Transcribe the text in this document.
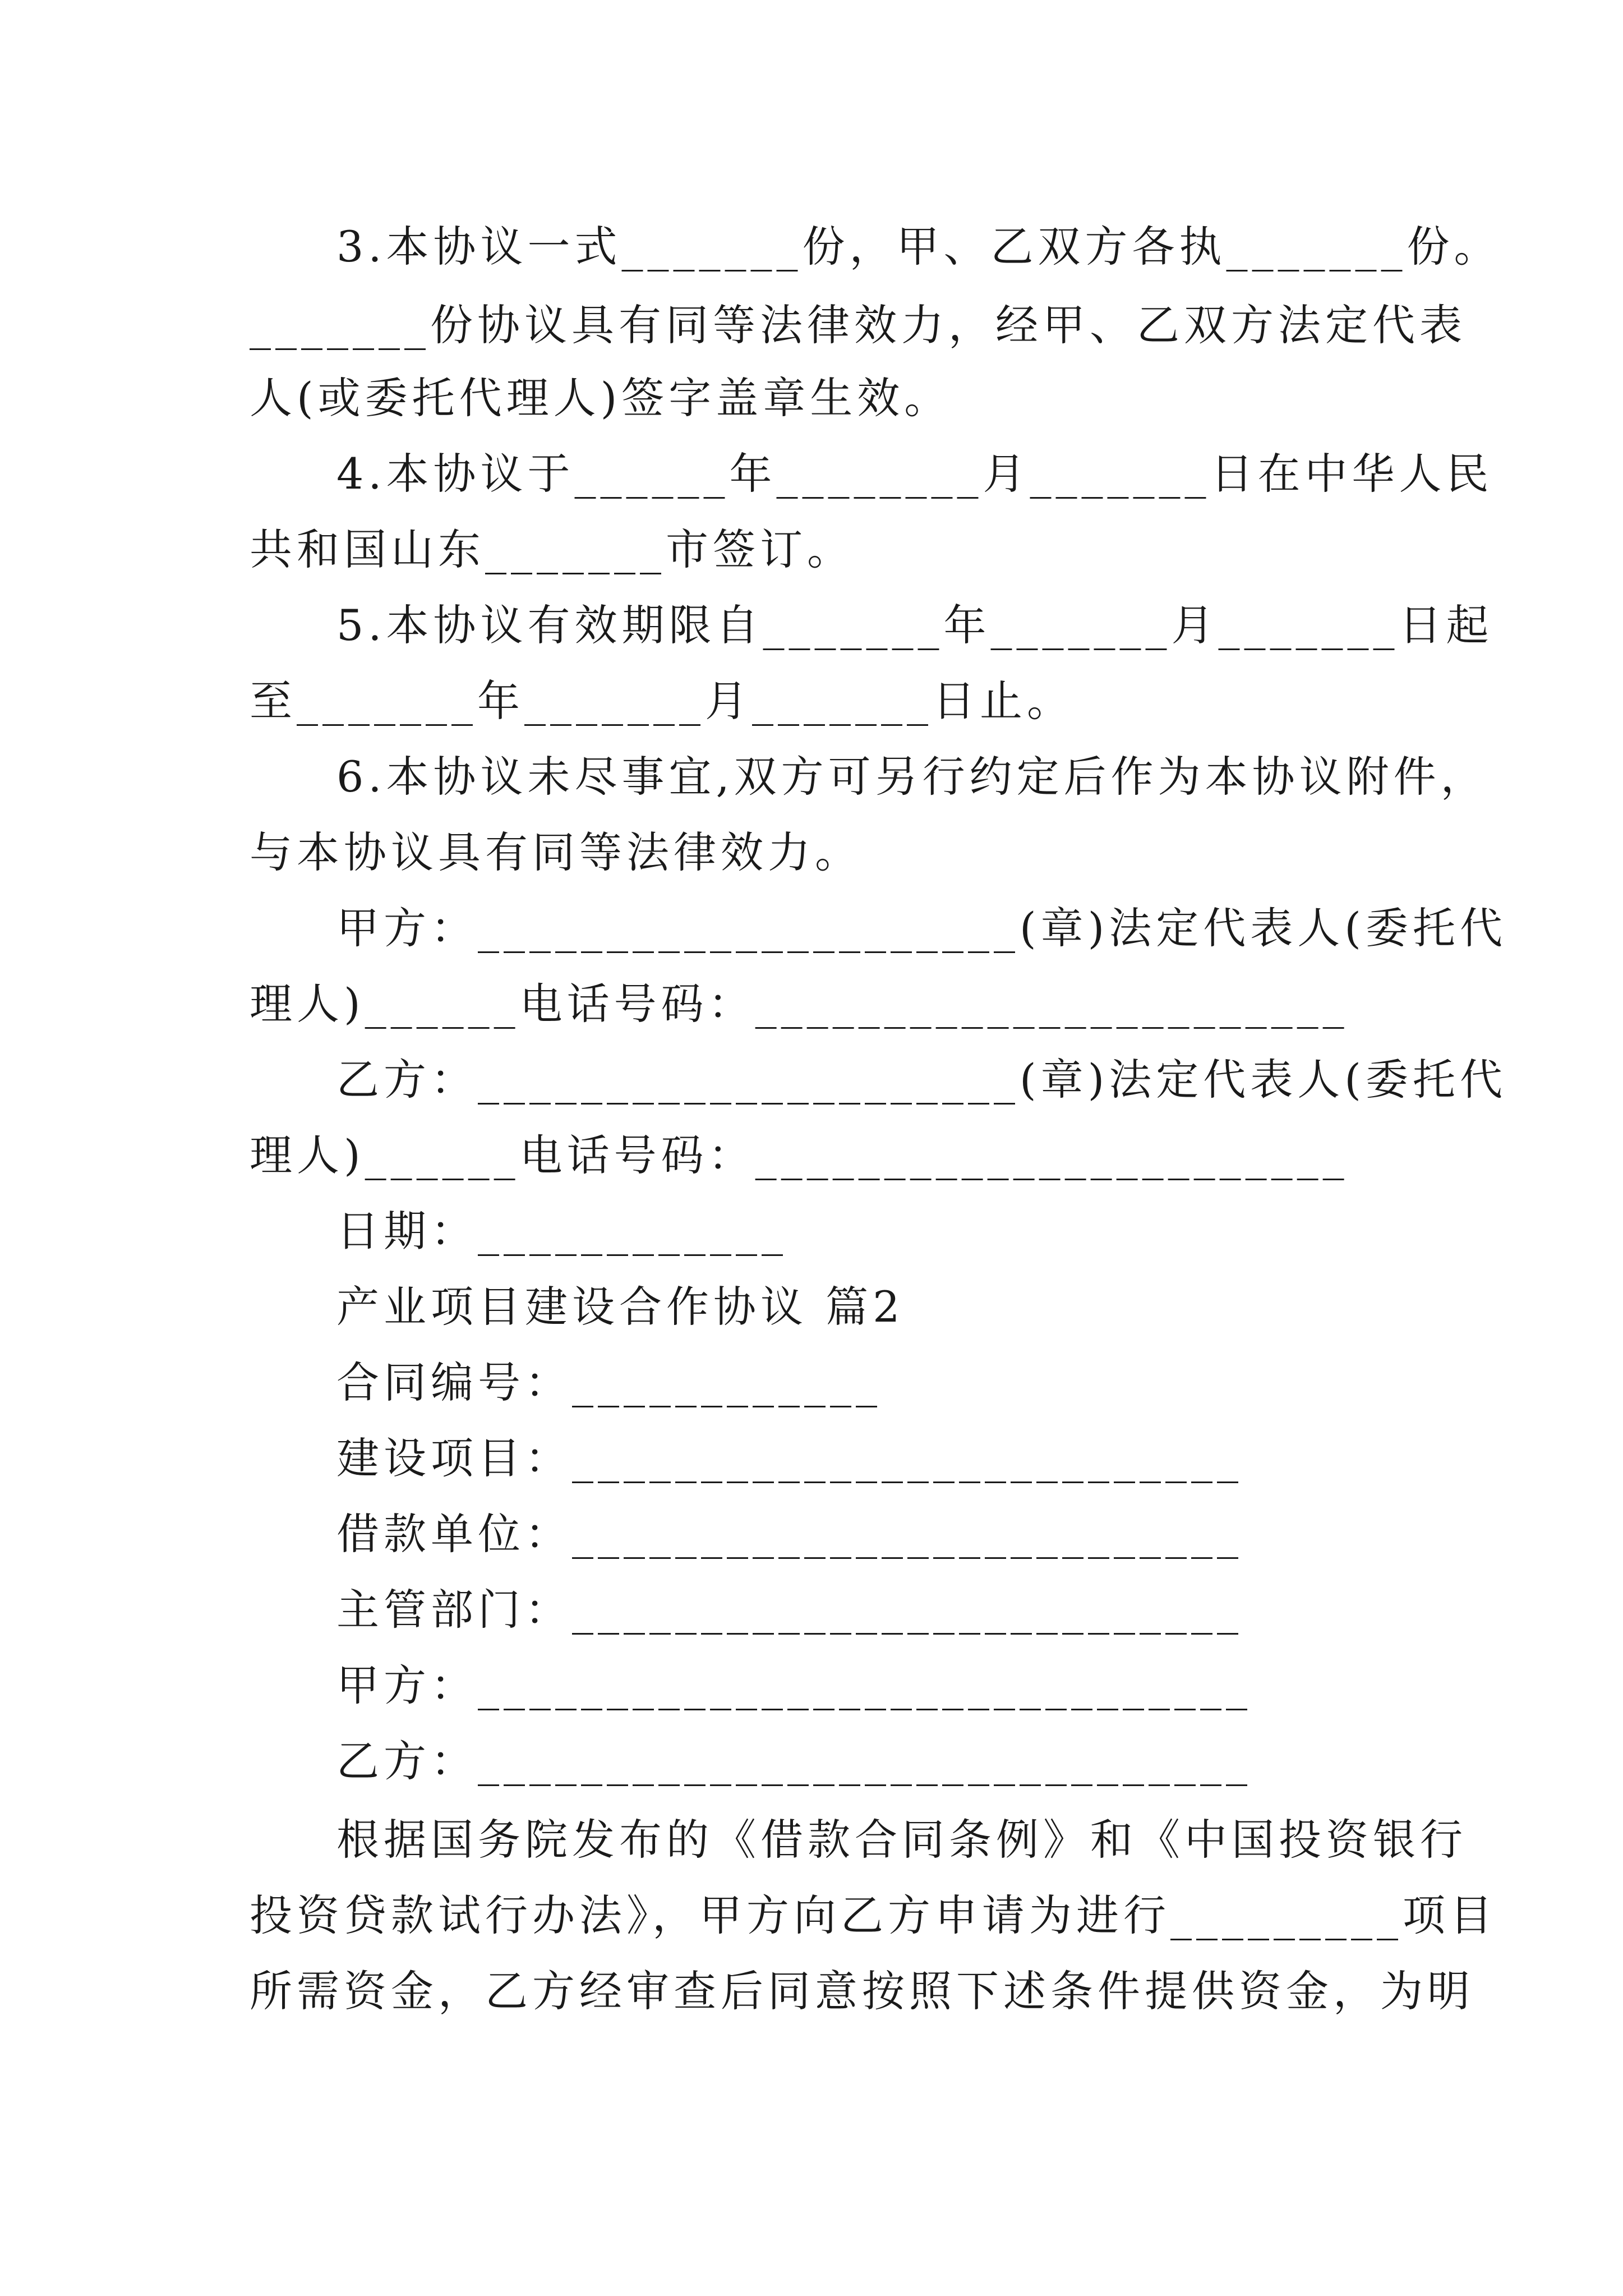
3.本协议一式_______份，甲、乙双方各执_______份。
_______份协议具有同等法律效力，经甲、乙双方法定代表
人(或委托代理人)签字盖章生效。
4.本协议于______年________月_______日在中华人民
共和国山东_______市签订。
5.本协议有效期限自_______年_______月_______日起
至_______年_______月_______日止。
6.本协议未尽事宜,双方可另行约定后作为本协议附件，
与本协议具有同等法律效力。
甲方：_____________________(章)法定代表人(委托代
理人)______电话号码：_______________________
乙方：_____________________(章)法定代表人(委托代
理人)______电话号码：_______________________
日期：____________
产业项目建设合作协议 篇2
合同编号：____________
建设项目：__________________________
借款单位：__________________________
主管部门：__________________________
甲方：______________________________
乙方：______________________________
根据国务院发布的《借款合同条例》和《中国投资银行
投资贷款试行办法》，甲方向乙方申请为进行_________项目
所需资金，乙方经审查后同意按照下述条件提供资金，为明
